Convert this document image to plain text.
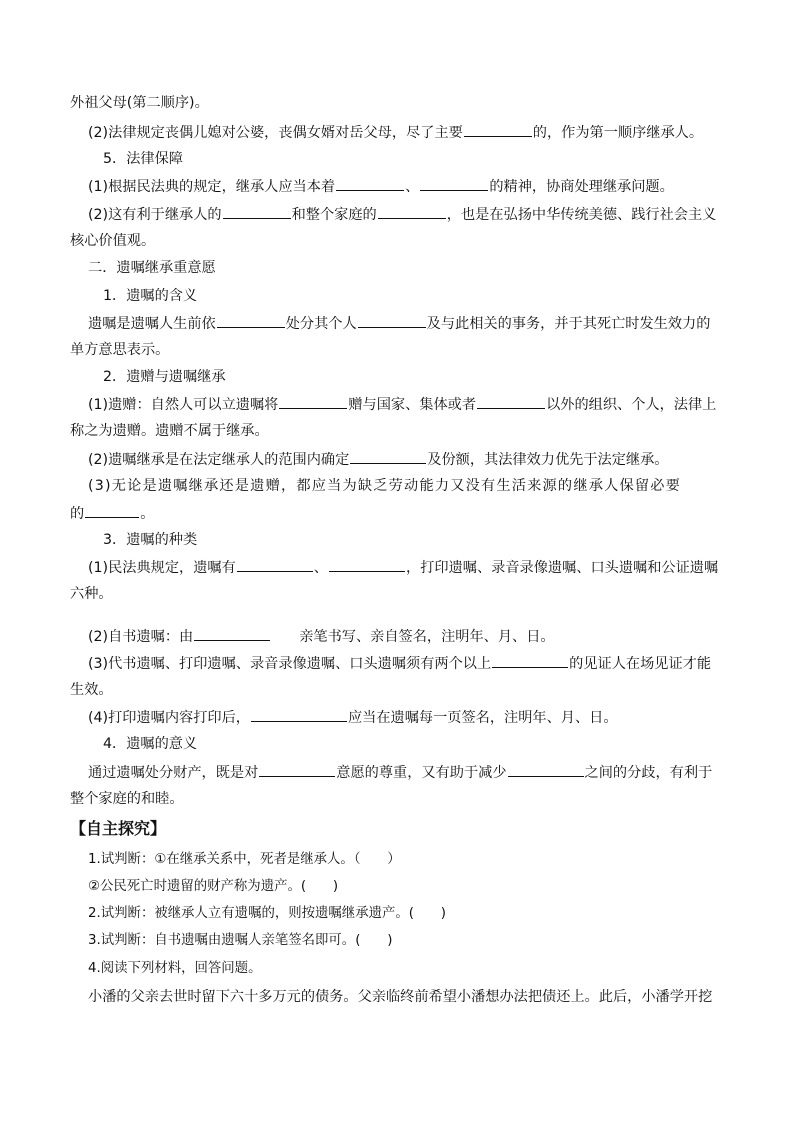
外祖父母(第二顺序)。
(2)法律规定丧偶儿媳对公婆，丧偶女婿对岳父母，尽了主要	的，作为第一顺序继承人。
5．法律保障
(1)根据民法典的规定，继承人应当本着	、	的精神，协商处理继承问题。
(2)这有利于继承人的	和整个家庭的	，也是在弘扬中华传统美德、践行社会主义
核心价值观。
二．遗嘱继承重意愿
1．遗嘱的含义
遗嘱是遗嘱人生前依	处分其个人	及与此相关的事务，并于其死亡时发生效力的
单方意思表示。
2．遗赠与遗嘱继承
(1)遗赠：自然人可以立遗嘱将	赠与国家、集体或者	以外的组织、个人，法律上
称之为遗赠。遗赠不属于继承。
(2)遗嘱继承是在法定继承人的范围内确定	及份额，其法律效力优先于法定继承。
(3)无论是遗嘱继承还是遗赠，都应当为缺乏劳动能力又没有生活来源的继承人保留必要
的	。
3．遗嘱的种类
(1)民法典规定，遗嘱有	、	，打印遗嘱、录音录像遗嘱、口头遗嘱和公证遗嘱
六种。
(2)自书遗嘱：由	亲笔书写、亲自签名，注明年、月、日。
(3)代书遗嘱、打印遗嘱、录音录像遗嘱、口头遗嘱须有两个以上	的见证人在场见证才能
生效。
(4)打印遗嘱内容打印后，	应当在遗嘱每一页签名，注明年、月、日。
4．遗嘱的意义
通过遗嘱处分财产，既是对	意愿的尊重，又有助于减少	之间的分歧，有利于
整个家庭的和睦。
【自主探究】
1.试判断：①在继承关系中，死者是继承人。（　　）
②公民死亡时遗留的财产称为遗产。(　　)
2.试判断：被继承人立有遗嘱的，则按遗嘱继承遗产。(　　)
3.试判断：自书遗嘱由遗嘱人亲笔签名即可。(　　)
4.阅读下列材料，回答问题。
小潘的父亲去世时留下六十多万元的债务。父亲临终前希望小潘想办法把债还上。此后，小潘学开挖
